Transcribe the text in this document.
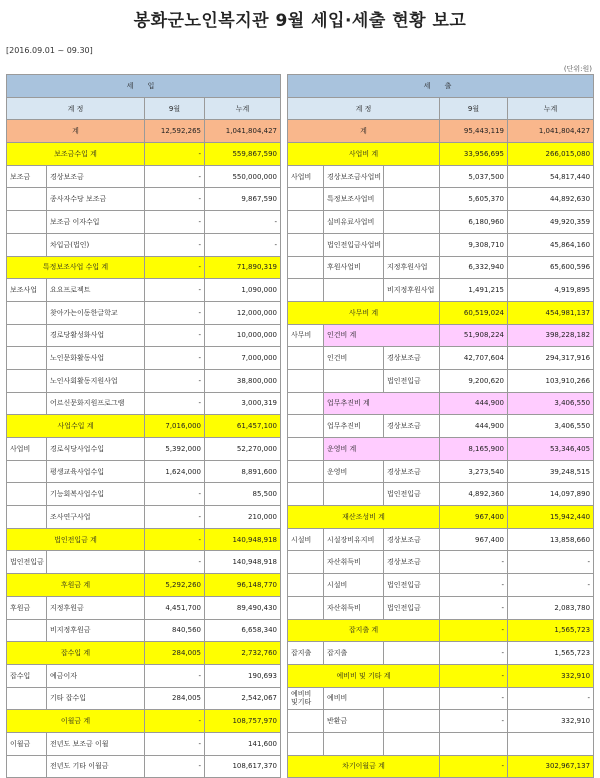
봉화군노인복지관 9월 세입·세출 현황 보고
[2016.09.01 ~ 09.30]
(단위:원)
세 입			
계 정		9월	누계
계		12,592,265	1,041,804,427
보조금수입 계		-	559,867,590
보조금	경상보조금	-	550,000,000
	종사자수당 보조금	-	9,867,590
	보조금 이자수입	-	-
	차입금(법인)	-	-
특정보조사업 수입 계		-	71,890,319
보조사업	요요프로젝트	-	1,090,000
	찾아가는이동한글학교	-	12,000,000
	경로당활성화사업	-	10,000,000
	노인문화활동사업	-	7,000,000
	노인사회활동지원사업	-	38,800,000
	어르신문화지원프로그램	-	3,000,319
사업수입 계		7,016,000	61,457,100
사업비	경로식당사업수입	5,392,000	52,270,000
	평생교육사업수입	1,624,000	8,891,600
	기능회복사업수입	-	85,500
	조사연구사업	-	210,000
법인전입금 계		-	140,948,918
법인전입금		-	140,948,918
후원금 계		5,292,260	96,148,770
후원금	지정후원금	4,451,700	89,490,430
	비지정후원금	840,560	6,658,340
잡수입 계		284,005	2,732,760
잡수입	예금이자	-	190,693
	기타 잡수입	284,005	2,542,067
이월금 계		-	108,757,970
이월금	전년도 보조금 이월	-	141,600
	전년도 기타 이월금	-	108,617,370
세 출				
계 정			9월	누계
계			95,443,119	1,041,804,427
사업비 계			33,956,695	266,015,080
사업비	경상보조금사업비		5,037,500	54,817,440
	특정보조사업비		5,605,370	44,892,630
	실비유료사업비		6,180,960	49,920,359
	법인전입금사업비		9,308,710	45,864,160
	후원사업비	지정후원사업	6,332,940	65,600,596
		비지정후원사업	1,491,215	4,919,895
사무비 계			60,519,024	454,981,137
사무비	인건비 계		51,908,224	398,228,182
	인건비	경상보조금	42,707,604	294,317,916
		법인전입금	9,200,620	103,910,266
	업무추진비 계		444,900	3,406,550
	업무추진비	경상보조금	444,900	3,406,550
	운영비 계		8,165,900	53,346,405
	운영비	경상보조금	3,273,540	39,248,515
		법인전입금	4,892,360	14,097,890
재산조성비 계			967,400	15,942,440
시설비	시설장비유지비	경상보조금	967,400	13,858,660
	자산취득비	경상보조금	-	-
	시설비	법인전입금	-	-
	자산취득비	법인전입금	-	2,083,780
잡지출 계			-	1,565,723
잡지출	잡지출		-	1,565,723
예비비 및 기타 계			-	332,910
예비비
및기타	예비비		-	-
	반환금		-	332,910

차기이월금 계			-	302,967,137
